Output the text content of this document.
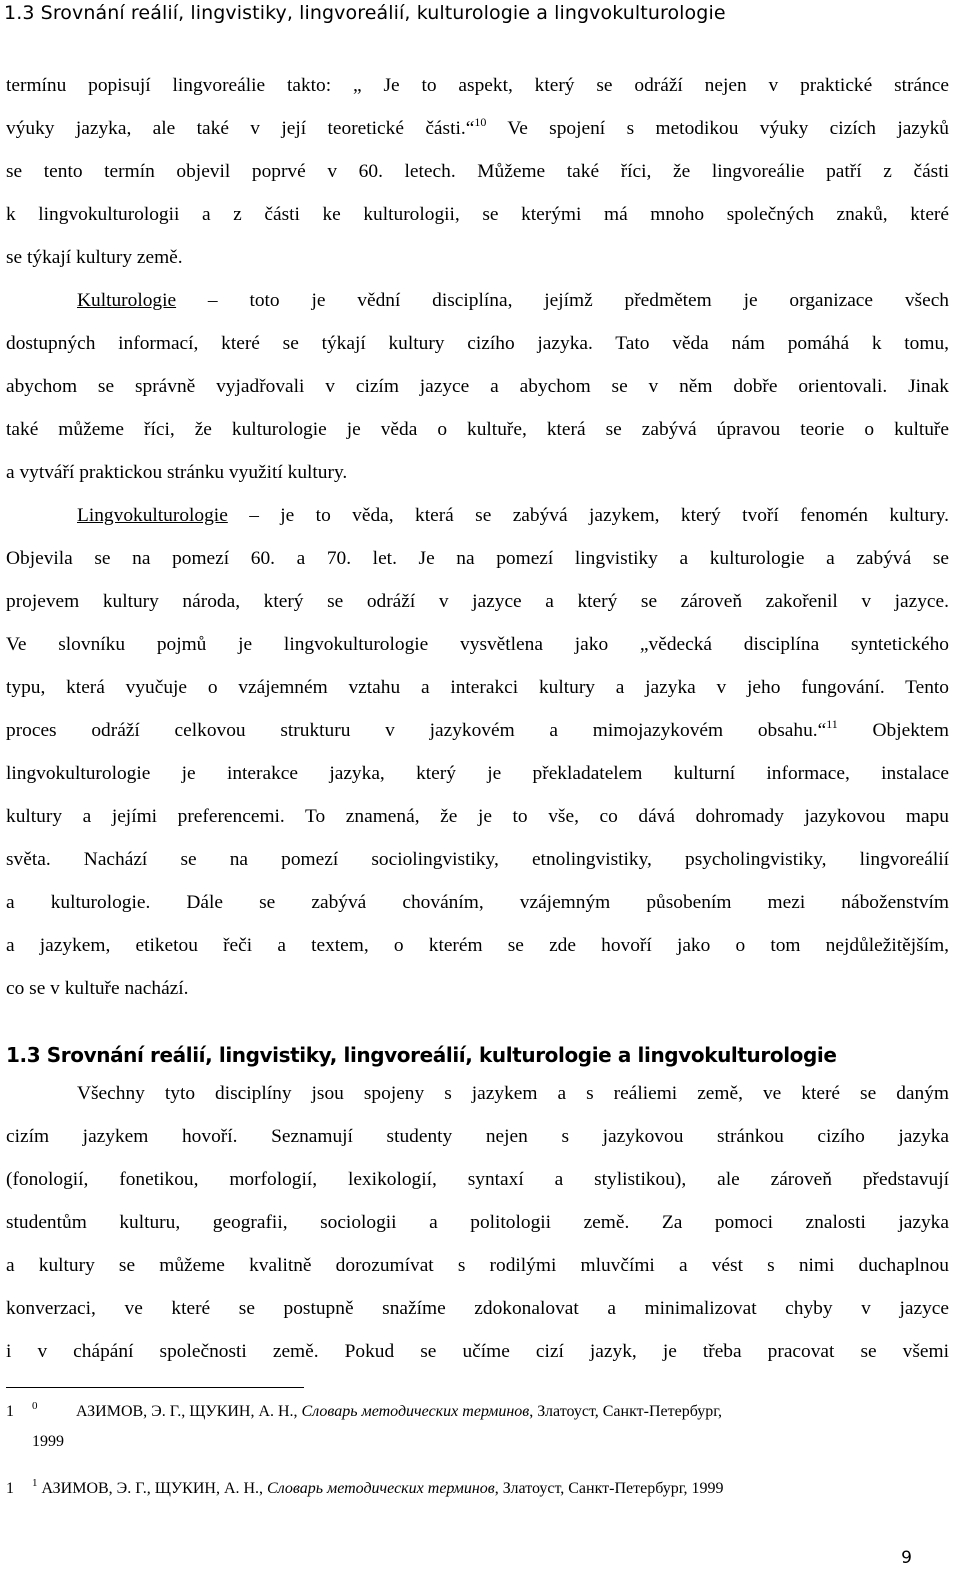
1.3 Srovnání reálií, lingvistiky, lingvoreálií, kulturologie a lingvokulturologie
termínu popisují lingvoreálie takto: „ Je to aspekt, který se odráží nejen v praktické stránce
výuky jazyka, ale také v její teoretické části.“$^{10}$ Ve spojení s metodikou výuky cizích jazyků
se tento termín objevil poprvé v 60. letech. Můžeme také říci, že lingvoreálie patří z části
k lingvokulturologii a z části ke kulturologii, se kterými má mnoho společných znaků, které
se týkají kultury země.
Kulturologie – toto je vědní disciplína, jejímž předmětem je organizace všech
dostupných informací, které se týkají kultury cizího jazyka. Tato věda nám pomáhá k tomu,
abychom se správně vyjadřovali v cizím jazyce a abychom se v něm dobře orientovali. Jinak
také můžeme říci, že kulturologie je věda o kultuře, která se zabývá úpravou teorie o kultuře
a vytváří praktickou stránku využití kultury.
Lingvokulturologie – je to věda, která se zabývá jazykem, který tvoří fenomén kultury.
Objevila se na pomezí 60. a 70. let. Je na pomezí lingvistiky a kulturologie a zabývá se
projevem kultury národa, který se odráží v jazyce a který se zároveň zakořenil v jazyce.
Ve slovníku pojmů je lingvokulturologie vysvětlena jako „vědecká disciplína syntetického
typu, která vyučuje o vzájemném vztahu a interakci kultury a jazyka v jeho fungování. Tento
proces odráží celkovou strukturu v jazykovém a mimojazykovém obsahu.“$^{11}$ Objektem
lingvokulturologie je interakce jazyka, který je překladatelem kulturní informace, instalace
kultury a jejími preferencemi. To znamená, že je to vše, co dává dohromady jazykovou mapu
světa. Nachází se na pomezí sociolingvistiky, etnolingvistiky, psycholingvistiky, lingvoreálií
a kulturologie. Dále se zabývá chováním, vzájemným působením mezi náboženstvím
a jazykem, etiketou řeči a textem, o kterém se zde hovoří jako o tom nejdůležitějším,
co se v kultuře nachází.
1.3 Srovnání reálií, lingvistiky, lingvoreálií, kulturologie a lingvokulturologie
Všechny tyto disciplíny jsou spojeny s jazykem a s reáliemi země, ve které se daným
cizím jazykem hovoří. Seznamují studenty nejen s jazykovou stránkou cizího jazyka
(fonologií, fonetikou, morfologií, lexikologií, syntaxí a stylistikou), ale zároveň představují
studentům kulturu, geografii, sociologii a politologii země. Za pomoci znalosti jazyka
a kultury se můžeme kvalitně dorozumívat s rodilými mluvčími a vést s nimi duchaplnou
konverzaci, ve které se postupně snažíme zdokonalovat a minimalizovat chyby v jazyce
i v chápání společnosti země. Pokud se učíme cizí jazyk, je třeba pracovat se všemi
1 $^0$ АЗИМОВ, Э. Г., ЩУКИН, А. Н., Словарь методических терминов, Златоуст, Санкт-Петербург,
1999
1 $^1$ АЗИМОВ, Э. Г., ЩУКИН, А. Н., Словарь методических терминов, Златоуст, Санкт-Петербург, 1999
9
